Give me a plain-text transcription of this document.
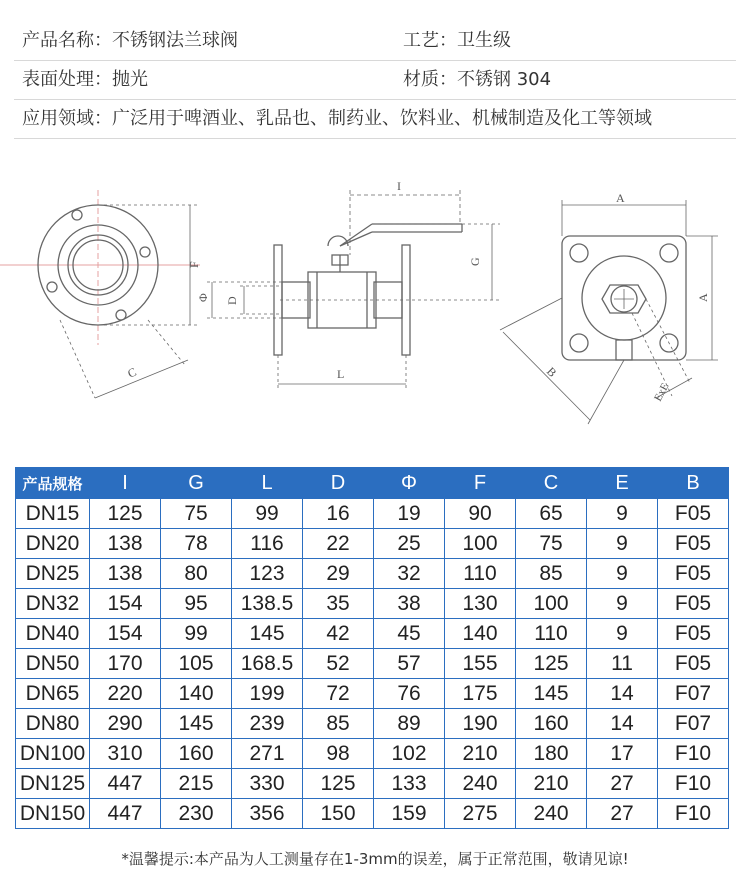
产品名称：不锈钢法兰球阀	工艺：卫生级
表面处理：抛光	材质：不锈钢 304
应用领域：广泛用于啤酒业、乳品也、制药业、饮料业、机械制造及化工等领域
I
G
L
Φ D
F
C
A
A
B
ExE
产品规格	I	G	L	D	Φ	F	C	E	B
DN15	125	75	99	16	19	90	65	9	F05
DN20	138	78	116	22	25	100	75	9	F05
DN25	138	80	123	29	32	110	85	9	F05
DN32	154	95	138.5	35	38	130	100	9	F05
DN40	154	99	145	42	45	140	110	9	F05
DN50	170	105	168.5	52	57	155	125	11	F05
DN65	220	140	199	72	76	175	145	14	F07
DN80	290	145	239	85	89	190	160	14	F07
DN100	310	160	271	98	102	210	180	17	F10
DN125	447	215	330	125	133	240	210	27	F10
DN150	447	230	356	150	159	275	240	27	F10
*温馨提示:本产品为人工测量存在1-3mm的误差，属于正常范围，敬请见谅!
